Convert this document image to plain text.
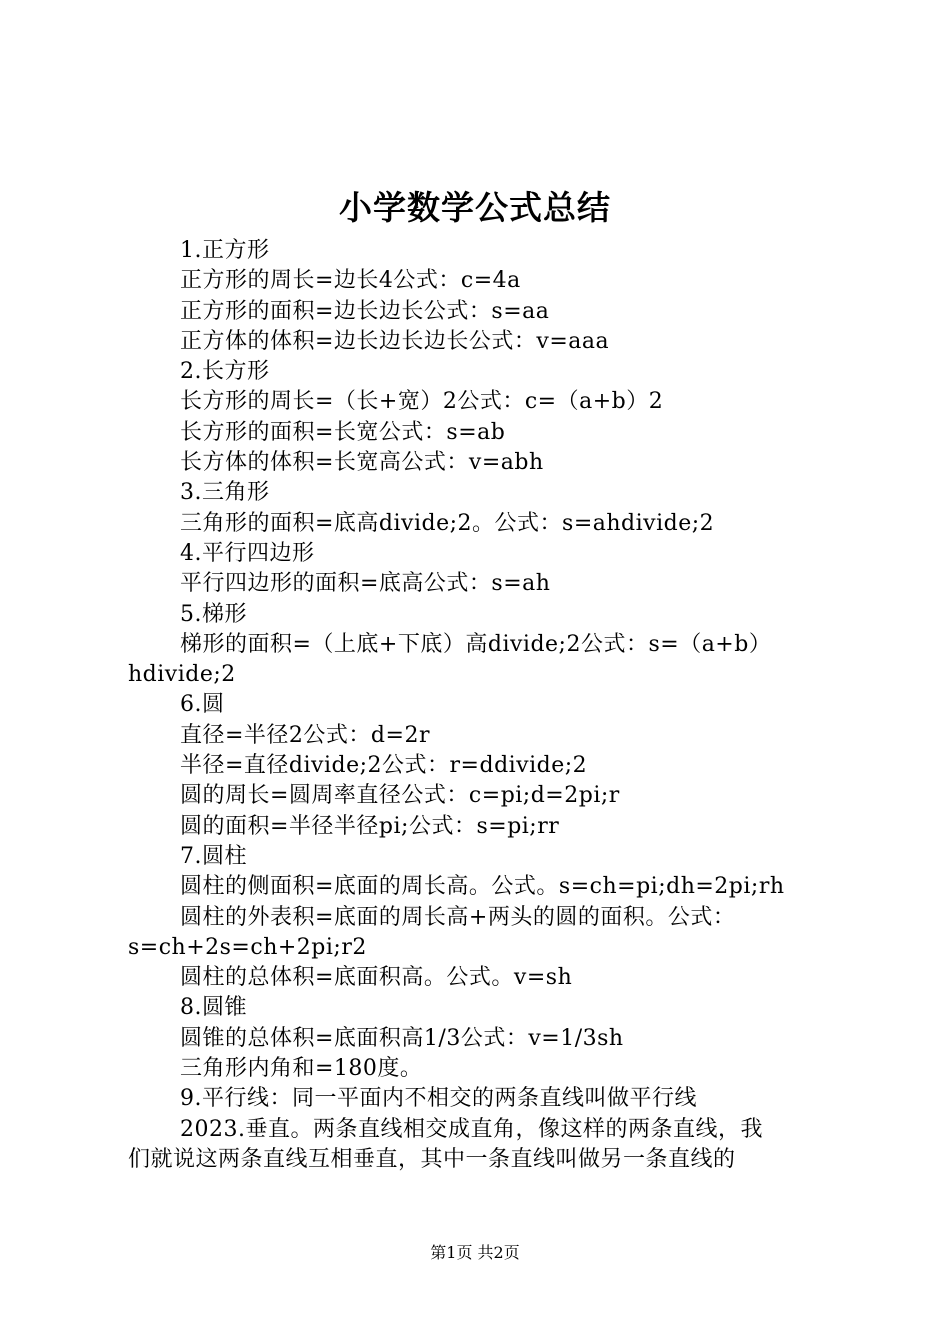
小学数学公式总结
1.正方形
正方形的周长=边长4公式：c=4a
正方形的面积=边长边长公式：s=aa
正方体的体积=边长边长边长公式：v=aaa
2.长方形
长方形的周长=（长+宽）2公式：c=（a+b）2
长方形的面积=长宽公式：s=ab
长方体的体积=长宽高公式：v=abh
3.三角形
三角形的面积=底高divide;2。公式：s=ahdivide;2
4.平行四边形
平行四边形的面积=底高公式：s=ah
5.梯形
梯形的面积=（上底+下底）高divide;2公式：s=（a+b）
hdivide;2
6.圆
直径=半径2公式：d=2r
半径=直径divide;2公式：r=ddivide;2
圆的周长=圆周率直径公式：c=pi;d=2pi;r
圆的面积=半径半径pi;公式：s=pi;rr
7.圆柱
圆柱的侧面积=底面的周长高。公式。s=ch=pi;dh=2pi;rh
圆柱的外表积=底面的周长高+两头的圆的面积。公式：
s=ch+2s=ch+2pi;r2
圆柱的总体积=底面积高。公式。v=sh
8.圆锥
圆锥的总体积=底面积高1/3公式：v=1/3sh
三角形内角和=180度。
9.平行线：同一平面内不相交的两条直线叫做平行线
2023.垂直。两条直线相交成直角，像这样的两条直线，我
们就说这两条直线互相垂直，其中一条直线叫做另一条直线的
第1页 共2页
